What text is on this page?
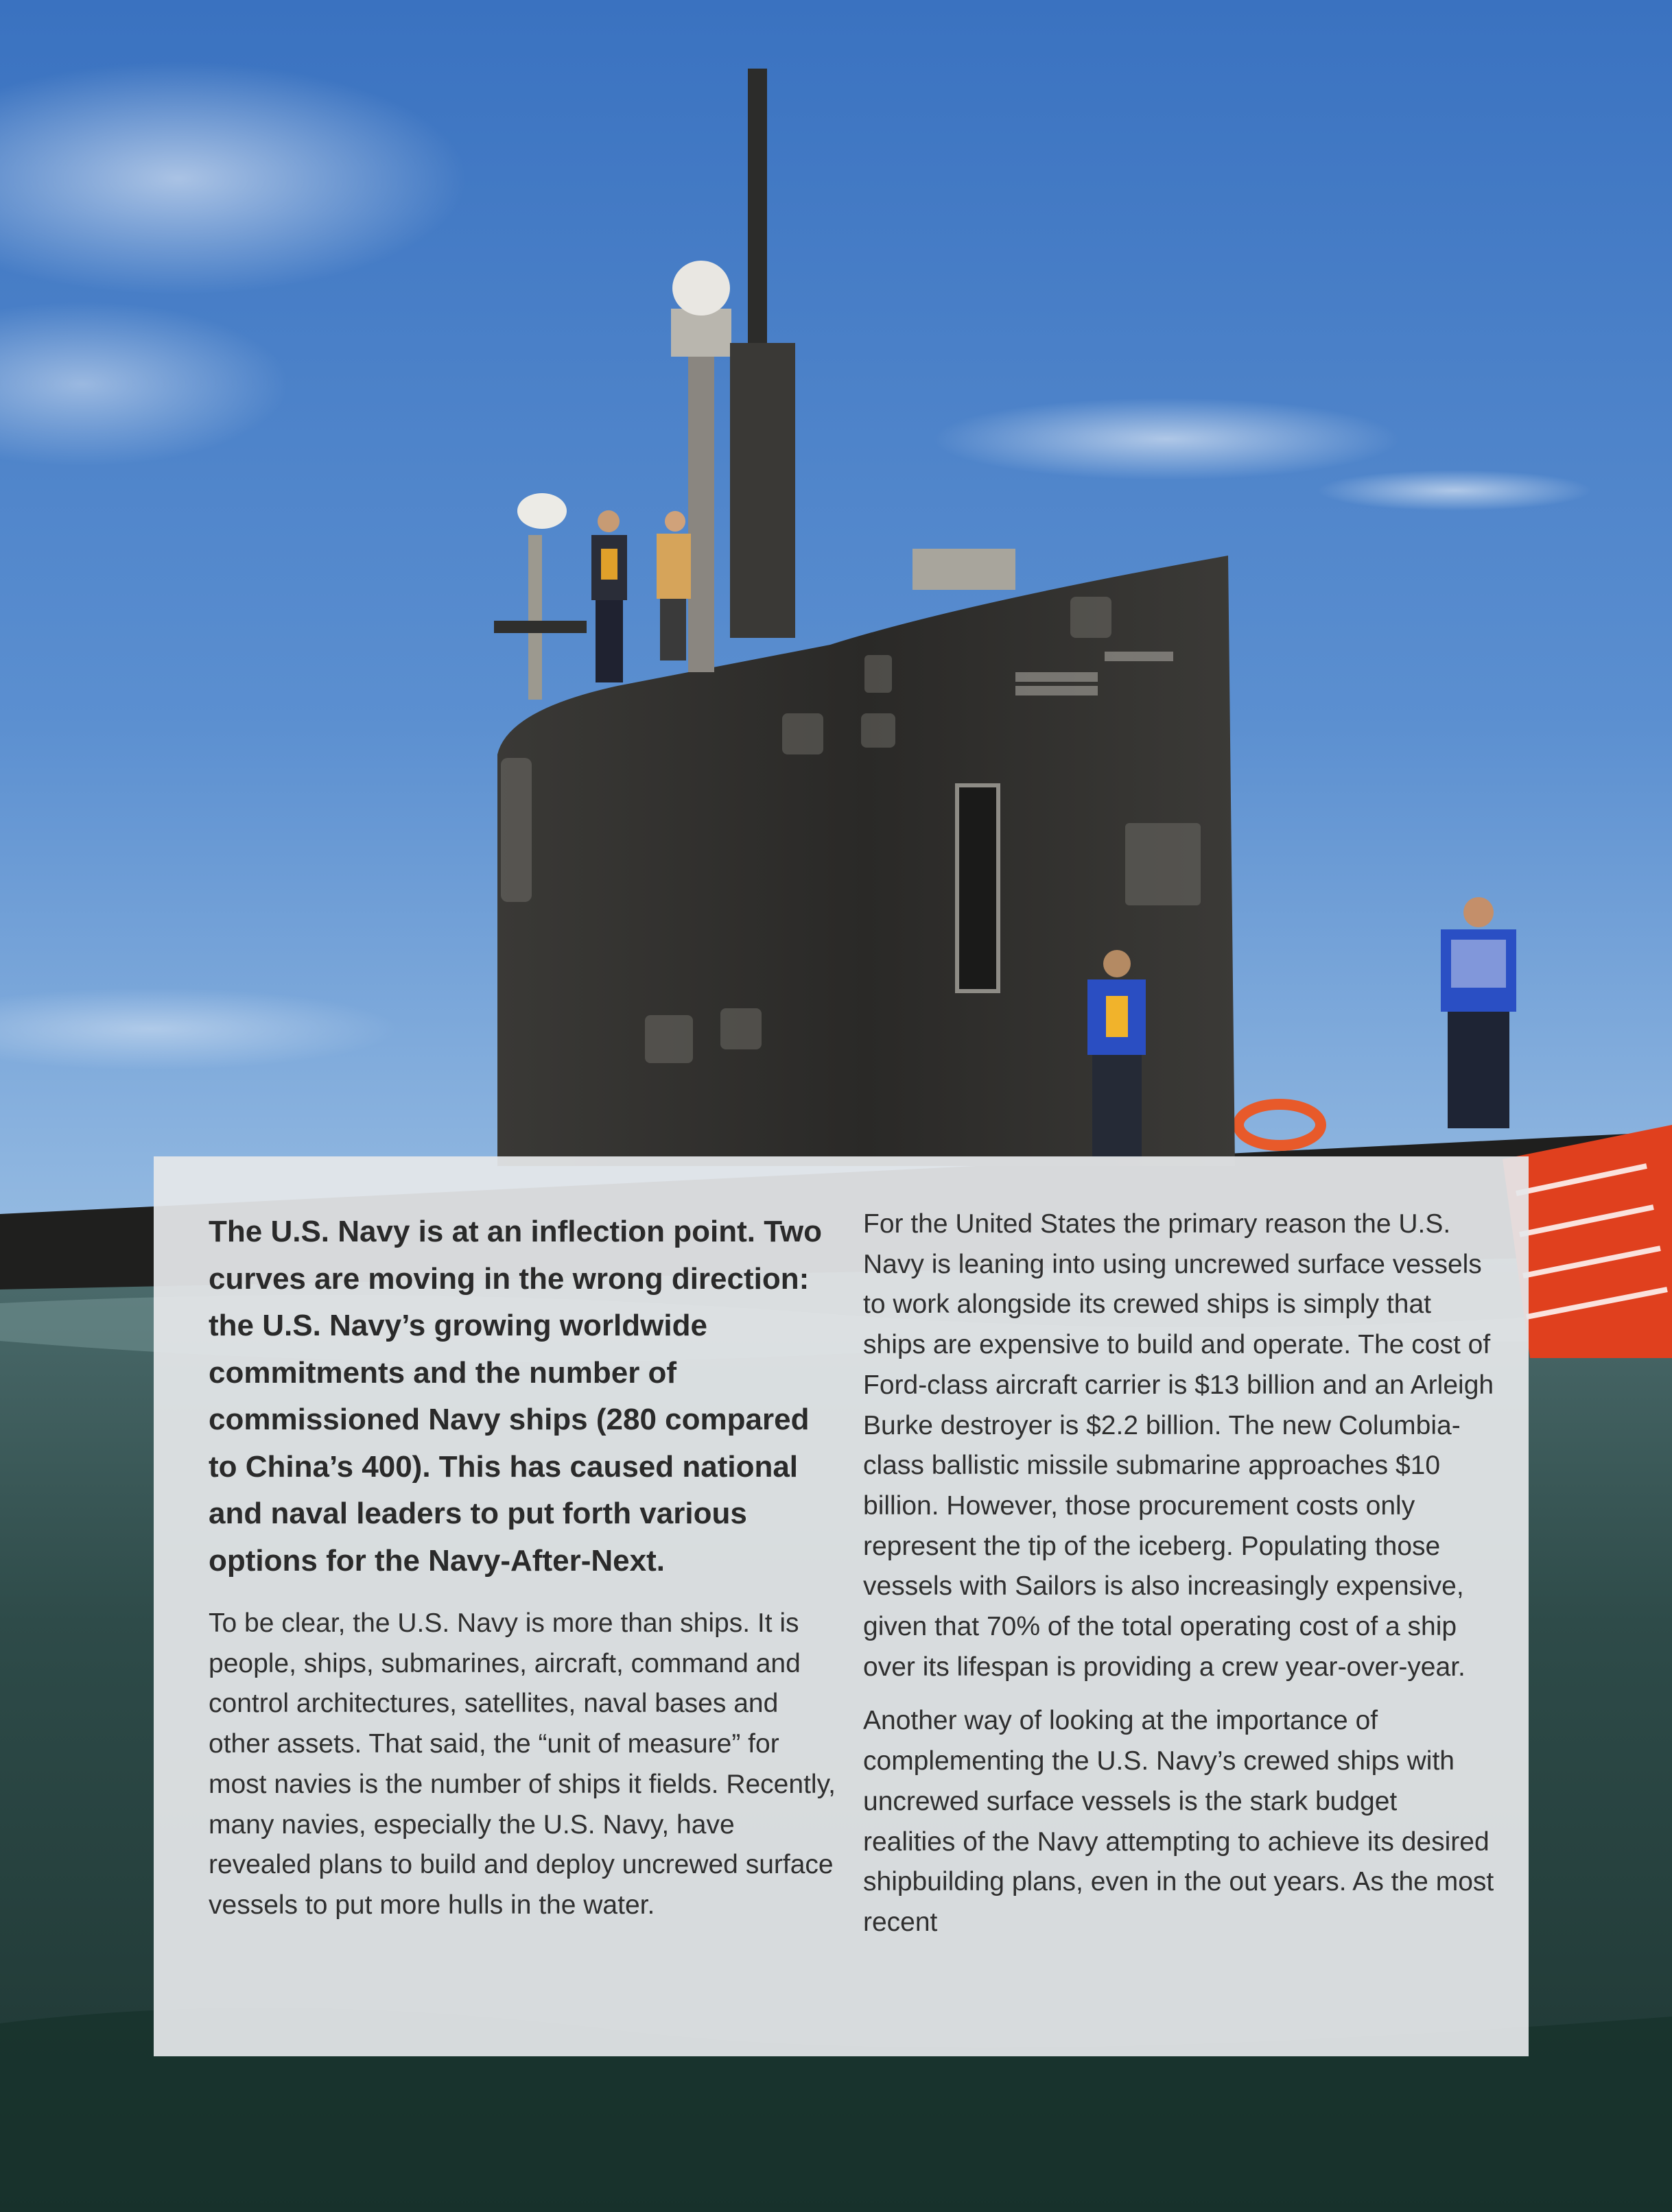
The U.S. Navy is at an inflection point. Two curves are moving in the wrong direction: the U.S. Navy’s growing worldwide commitments and the number of commissioned Navy ships (280 compared to China’s 400). This has caused national and naval leaders to put forth various options for the Navy-After-Next.

To be clear, the U.S. Navy is more than ships. It is people, ships, submarines, aircraft, command and control architectures, satellites, naval bases and other assets. That said, the “unit of measure” for most navies is the number of ships it fields. Recently, many navies, especially the U.S. Navy, have revealed plans to build and deploy uncrewed surface vessels to put more hulls in the water.

For the United States the primary reason the U.S. Navy is leaning into using uncrewed surface vessels to work alongside its crewed ships is simply that ships are expensive to build and operate. The cost of Ford-class aircraft carrier is $13 billion and an Arleigh Burke destroyer is $2.2 billion. The new Columbia-class ballistic missile submarine approaches $10 billion. However, those procurement costs only represent the tip of the iceberg. Populating those vessels with Sailors is also increasingly expensive, given that 70% of the total operating cost of a ship over its lifespan is providing a crew year-over-year.

Another way of looking at the importance of complementing the U.S. Navy’s crewed ships with uncrewed surface vessels is the stark budget realities of the Navy attempting to achieve its desired shipbuilding plans, even in the out years. As the most recent
